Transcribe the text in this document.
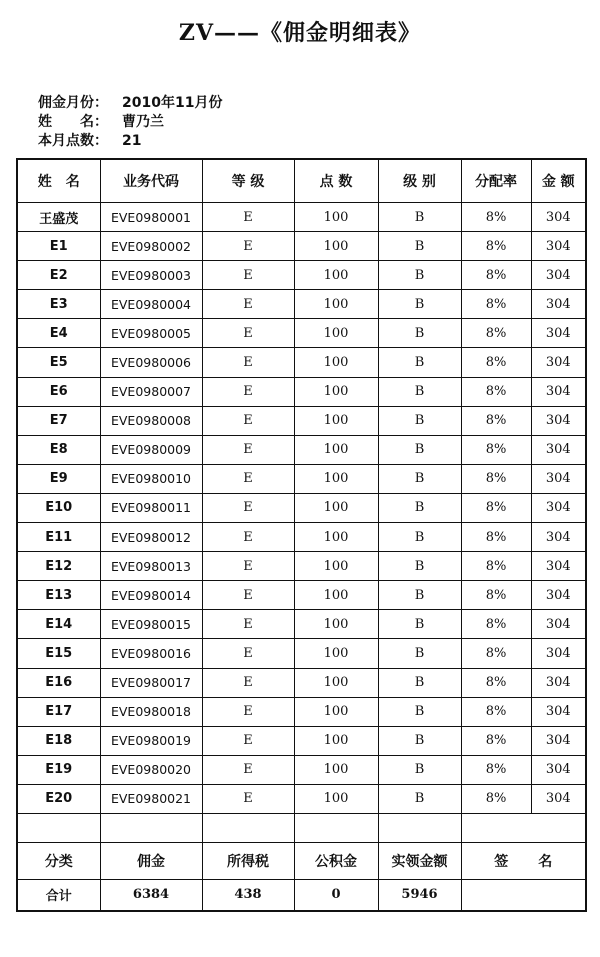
ZV——《佣金明细表》
佣金月份： 2010年11月份
姓　　名： 曹乃兰
本月点数： 21
姓　名	业务代码	等 级	点 数	级 别	分配率	金 额
王盛茂	EVE0980001	E	100	B	8%	304
E1	EVE0980002	E	100	B	8%	304
E2	EVE0980003	E	100	B	8%	304
E3	EVE0980004	E	100	B	8%	304
E4	EVE0980005	E	100	B	8%	304
E5	EVE0980006	E	100	B	8%	304
E6	EVE0980007	E	100	B	8%	304
E7	EVE0980008	E	100	B	8%	304
E8	EVE0980009	E	100	B	8%	304
E9	EVE0980010	E	100	B	8%	304
E10	EVE0980011	E	100	B	8%	304
E11	EVE0980012	E	100	B	8%	304
E12	EVE0980013	E	100	B	8%	304
E13	EVE0980014	E	100	B	8%	304
E14	EVE0980015	E	100	B	8%	304
E15	EVE0980016	E	100	B	8%	304
E16	EVE0980017	E	100	B	8%	304
E17	EVE0980018	E	100	B	8%	304
E18	EVE0980019	E	100	B	8%	304
E19	EVE0980020	E	100	B	8%	304
E20	EVE0980021	E	100	B	8%	304

分类	佣金	所得税	公积金	实领金额	签名	
合计	6384	438	0	5946		
